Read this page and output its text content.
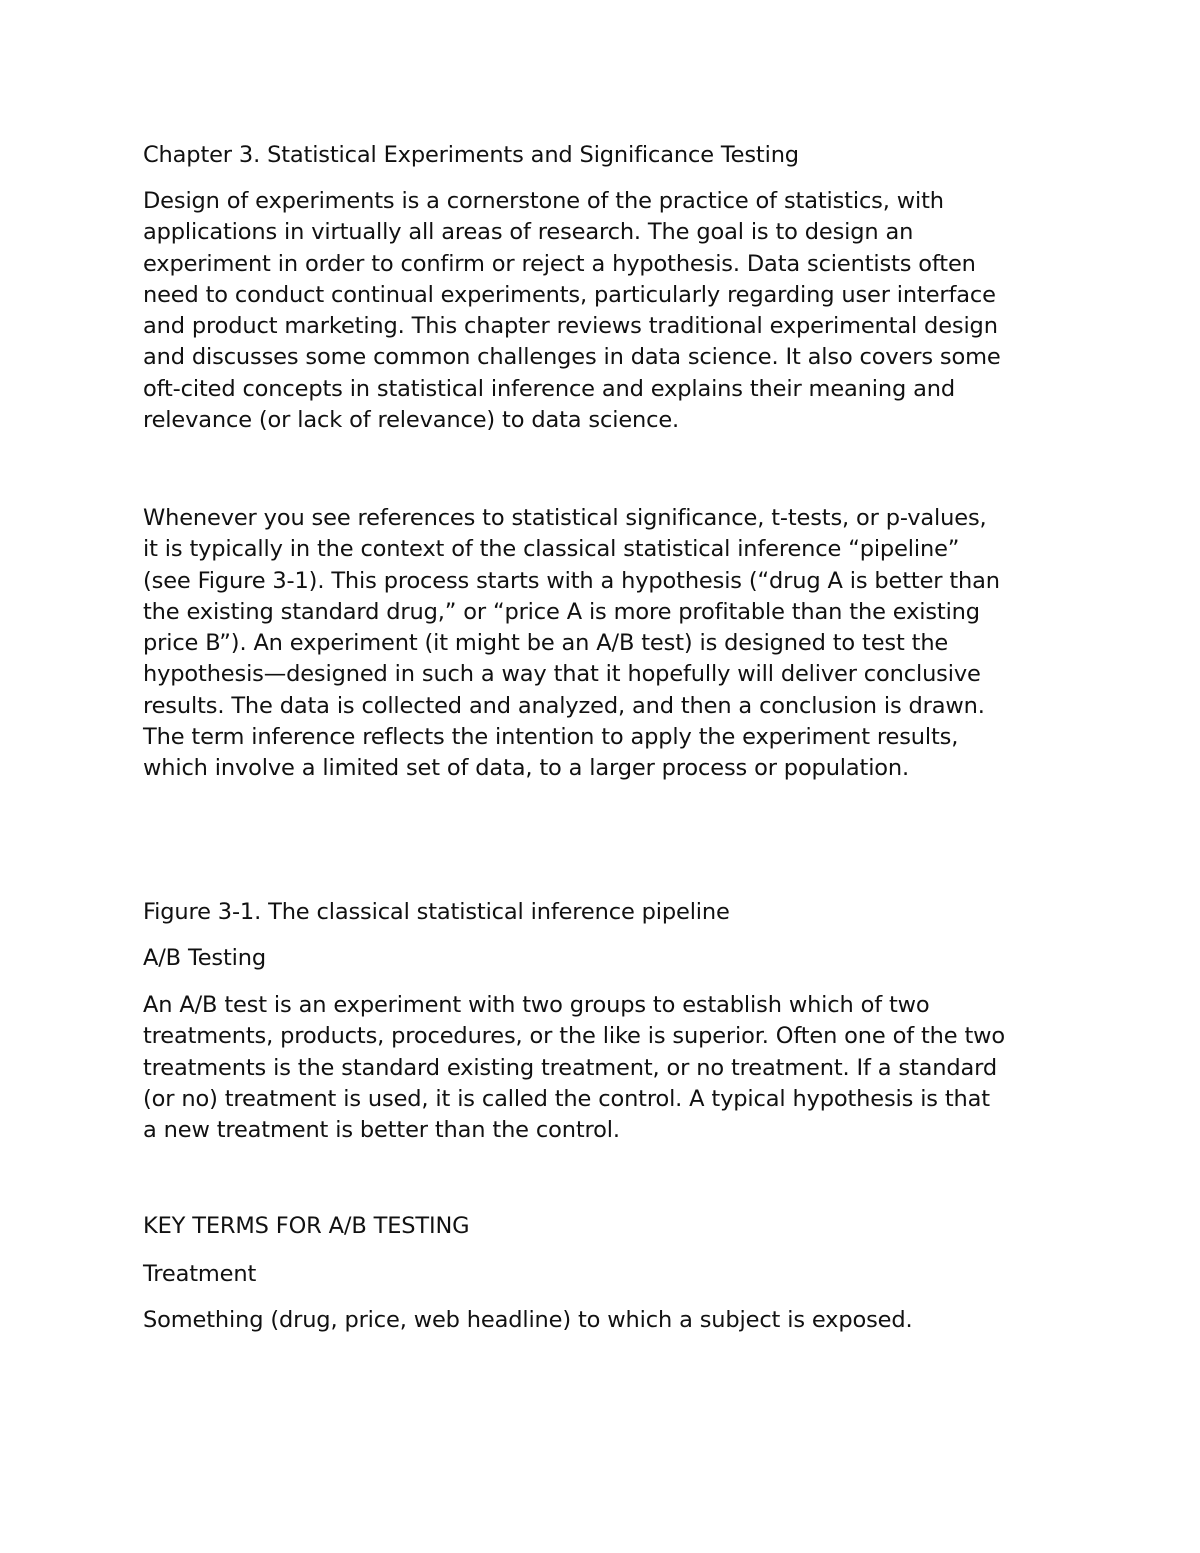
Chapter 3. Statistical Experiments and Significance Testing

Design of experiments is a cornerstone of the practice of statistics, with
applications in virtually all areas of research. The goal is to design an
experiment in order to confirm or reject a hypothesis. Data scientists often
need to conduct continual experiments, particularly regarding user interface
and product marketing. This chapter reviews traditional experimental design
and discusses some common challenges in data science. It also covers some
oft-cited concepts in statistical inference and explains their meaning and
relevance (or lack of relevance) to data science.

Whenever you see references to statistical significance, t-tests, or p-values,
it is typically in the context of the classical statistical inference “pipeline”
(see Figure 3-1). This process starts with a hypothesis (“drug A is better than
the existing standard drug,” or “price A is more profitable than the existing
price B”). An experiment (it might be an A/B test) is designed to test the
hypothesis—designed in such a way that it hopefully will deliver conclusive
results. The data is collected and analyzed, and then a conclusion is drawn.
The term inference reflects the intention to apply the experiment results,
which involve a limited set of data, to a larger process or population.

Figure 3-1. The classical statistical inference pipeline

A/B Testing

An A/B test is an experiment with two groups to establish which of two
treatments, products, procedures, or the like is superior. Often one of the two
treatments is the standard existing treatment, or no treatment. If a standard
(or no) treatment is used, it is called the control. A typical hypothesis is that
a new treatment is better than the control.

KEY TERMS FOR A/B TESTING

Treatment

Something (drug, price, web headline) to which a subject is exposed.
